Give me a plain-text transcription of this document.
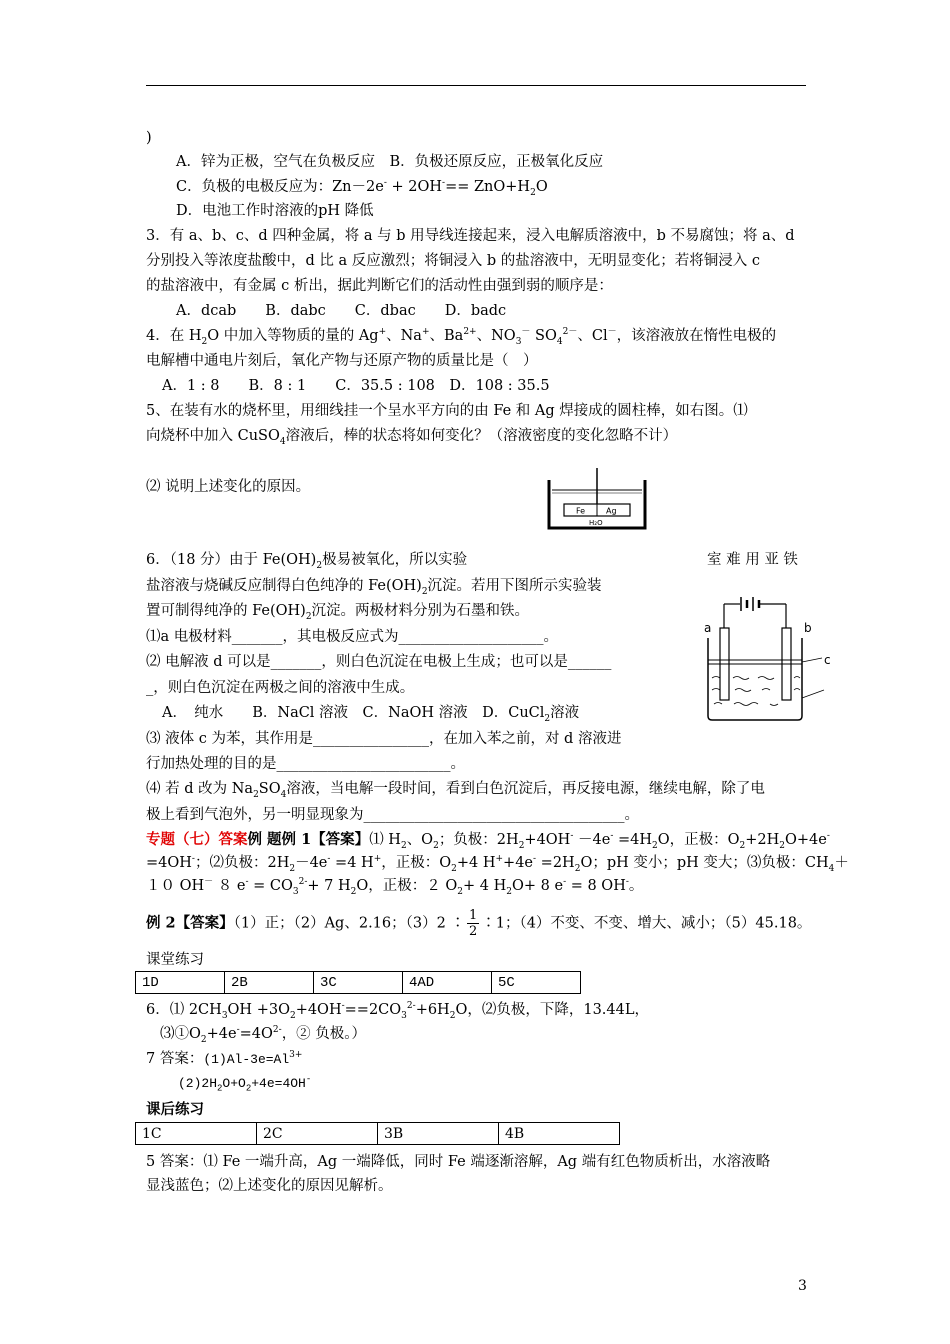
)
A．锌为正极，空气在负极反应　B．负极还原反应，正极氧化反应
C．负极的电极反应为：$Zn-2e^- + 2OH^-== ZnO+H_2O$
D．电池工作时溶液的pH 降低
3．有 a、b、c、d 四种金属，将 a 与 b 用导线连接起来，浸入电解质溶液中，b 不易腐蚀；将 a、d
分别投入等浓度盐酸中，d 比 a 反应激烈；将铜浸入 b 的盐溶液中，无明显变化；若将铜浸入 c
的盐溶液中，有金属 c 析出，据此判断它们的活动性由强到弱的顺序是：
A．dcab　　B．dabc　　C．dbac　　D．badc
4．在 $H_2O$ 中加入等物质的量的 Ag+、Na+、$Ba^{2+}$、$NO_3^-$ $SO_4^{2-}$、Cl－，该溶液放在惰性电极的
电解槽中通电片刻后，氧化产物与还原产物的质量比是（　）
A．1 : 8　　B．8 : 1　　C．35.5 : 108　D．108 : 35.5
5、在装有水的烧杯里，用细线挂一个呈水平方向的由 Fe 和 Ag 焊接成的圆柱棒，如右图。⑴
向烧杯中加入 CuSO$_4$溶液后，棒的状态将如何变化？（溶液密度的变化忽略不计）
⑵ 说明上述变化的原因。
Fe	Ag
H₂O
6．（18 分）由于 $Fe(OH)_2$极易被氧化，所以实验	室 难 用 亚 铁
盐溶液与烧碱反应制得白色纯净的 $Fe(OH)_2$沉淀。若用下图所示实验装
置可制得纯净的 $Fe(OH)_2$沉淀。两极材料分别为石墨和铁。
⑴a 电极材料_______，其电极反应式为____________________。
⑵ 电解液 d 可以是_______，则白色沉淀在电极上生成；也可以是______
_，则白色沉淀在两极之间的溶液中生成。
A．　纯水　　B．NaCl 溶液　C．NaOH 溶液　D．CuCl$_2$溶液
⑶ 液体 c 为苯，其作用是________________，在加入苯之前，对 d 溶液进
行加热处理的目的是________________________。
a	b
c
⑷ 若 d 改为 $Na_2SO_4$溶液，当电解一段时间，看到白色沉淀后，再反接电源，继续电解，除了电
极上看到气泡外，另一明显现象为____________________________________。
专题（七）答案例 题例 1【答案】⑴ $H_2$、$O_2$；负极：$2H_2+4OH^- -4e^- =4H_2O$，正极：$O_2+2H_2O+4e^-$
=4OH-；⑵负极：$2H_2-4e^- =4$ H+，正极：$O_2+4$ $H^++4e^- =2H_2O$；pH 变小；pH 变大；⑶负极：$CH_4+$
１０ OH－ ８ $e^- = CO_3^{2-}+ 7$ $H_2O$，正极：２ $O_2+ 4$ $H_2O+ 8$ e- = 8 OH-。
例 2【答案】（1）正；（2）Ag、2.16；（3）2 ∶ $\frac{1}{2}$ ∶1；（4）不变、不变、增大、减小；（5）45.18。
课堂练习
1D	2B	3C	4AD	5C
6．⑴ $2CH_3OH +3O_2+4OH^-==2CO_3^{2-}+6H_2O$，⑵负极，下降，13.44L，
$⑶①O_2+4e^-=4O^{2-}$，② 负极。）
7 答案：$(1)Al-3e=Al^{3+}$
$(2)2H_2O+O_2+4e=4OH^-$
课后练习
1C	2C	3B	4B
5 答案：⑴ Fe 一端升高，Ag 一端降低，同时 Fe 端逐渐溶解，Ag 端有红色物质析出，水溶液略
显浅蓝色；⑵上述变化的原因见解析。
3
